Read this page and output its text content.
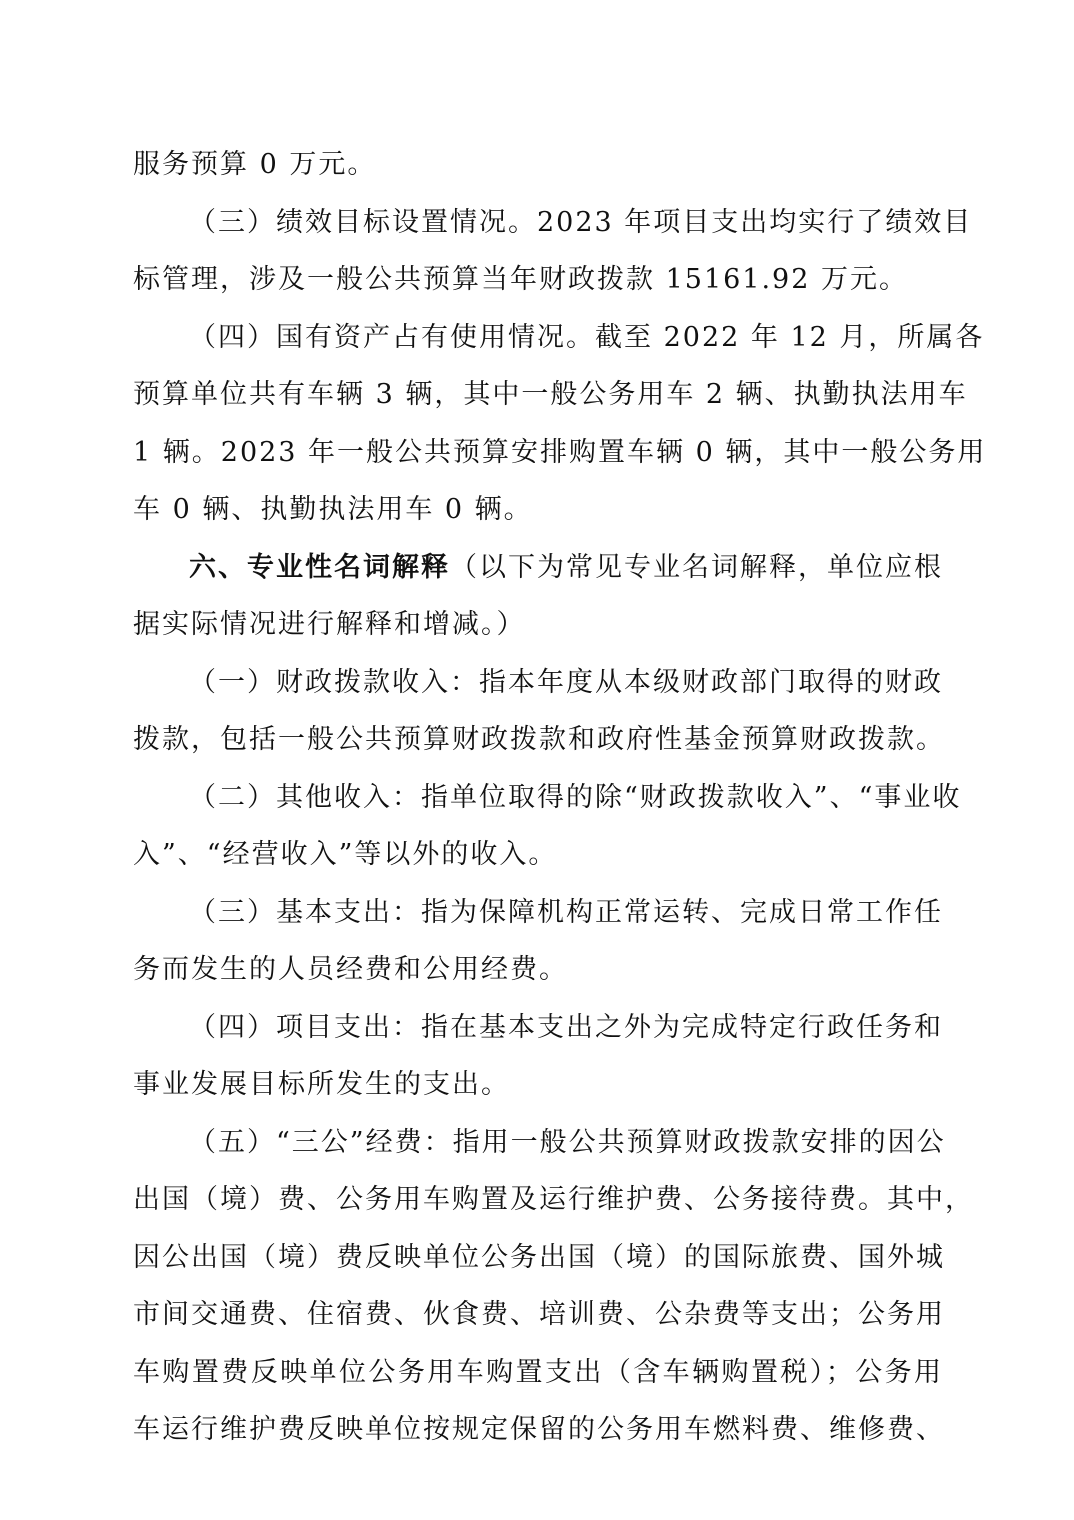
服务预算 0 万元。
（三）绩效目标设置情况。2023 年项目支出均实行了绩效目
标管理，涉及一般公共预算当年财政拨款 15161.92 万元。
（四）国有资产占有使用情况。截至 2022 年 12 月，所属各
预算单位共有车辆 3 辆，其中一般公务用车 2 辆、执勤执法用车
1 辆。2023 年一般公共预算安排购置车辆 0 辆，其中一般公务用
车 0 辆、执勤执法用车 0 辆。
六、专业性名词解释（以下为常见专业名词解释，单位应根
据实际情况进行解释和增减。）
（一）财政拨款收入：指本年度从本级财政部门取得的财政
拨款，包括一般公共预算财政拨款和政府性基金预算财政拨款。
（二）其他收入：指单位取得的除“财政拨款收入”、“事业收
入”、“经营收入”等以外的收入。
（三）基本支出：指为保障机构正常运转、完成日常工作任
务而发生的人员经费和公用经费。
（四）项目支出：指在基本支出之外为完成特定行政任务和
事业发展目标所发生的支出。
（五）“三公”经费：指用一般公共预算财政拨款安排的因公
出国（境）费、公务用车购置及运行维护费、公务接待费。其中，
因公出国（境）费反映单位公务出国（境）的国际旅费、国外城
市间交通费、住宿费、伙食费、培训费、公杂费等支出；公务用
车购置费反映单位公务用车购置支出（含车辆购置税）；公务用
车运行维护费反映单位按规定保留的公务用车燃料费、维修费、
